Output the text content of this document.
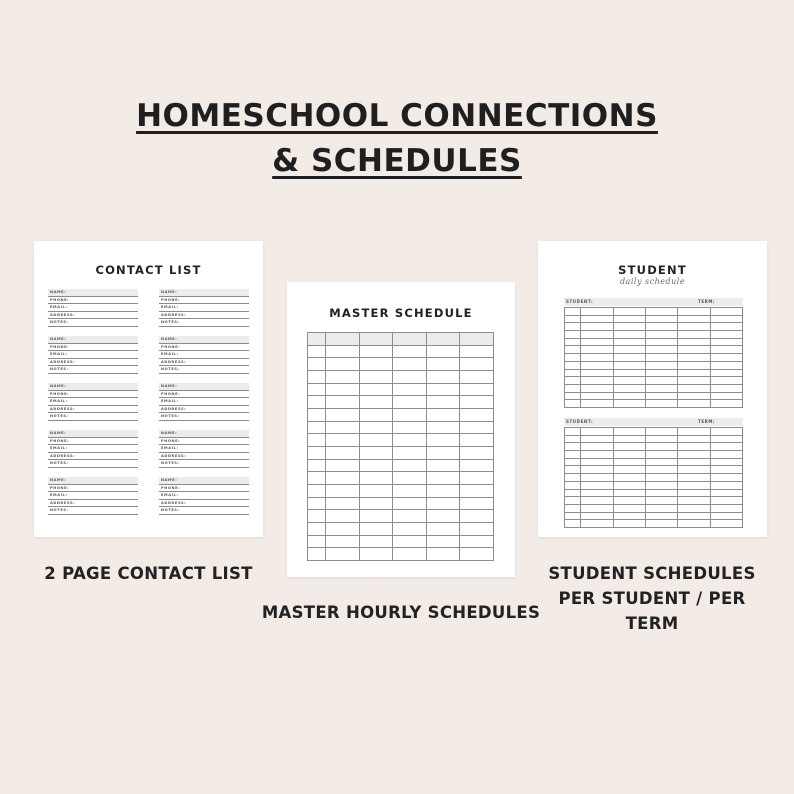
HOMESCHOOL CONNECTIONS
& SCHEDULES
CONTACT LIST
NAME:
PHONE:
EMAIL:
ADDRESS:
NOTES:
NAME:
PHONE:
EMAIL:
ADDRESS:
NOTES:
NAME:
PHONE:
EMAIL:
ADDRESS:
NOTES:
NAME:
PHONE:
EMAIL:
ADDRESS:
NOTES:
NAME:
PHONE:
EMAIL:
ADDRESS:
NOTES:
NAME:
PHONE:
EMAIL:
ADDRESS:
NOTES:
NAME:
PHONE:
EMAIL:
ADDRESS:
NOTES:
NAME:
PHONE:
EMAIL:
ADDRESS:
NOTES:
NAME:
PHONE:
EMAIL:
ADDRESS:
NOTES:
NAME:
PHONE:
EMAIL:
ADDRESS:
NOTES:
MASTER SCHEDULE

STUDENT
daily schedule
STUDENT:	TERM:

STUDENT:	TERM:

2 PAGE CONTACT LIST
MASTER HOURLY SCHEDULES
STUDENT SCHEDULES
PER STUDENT / PER TERM
